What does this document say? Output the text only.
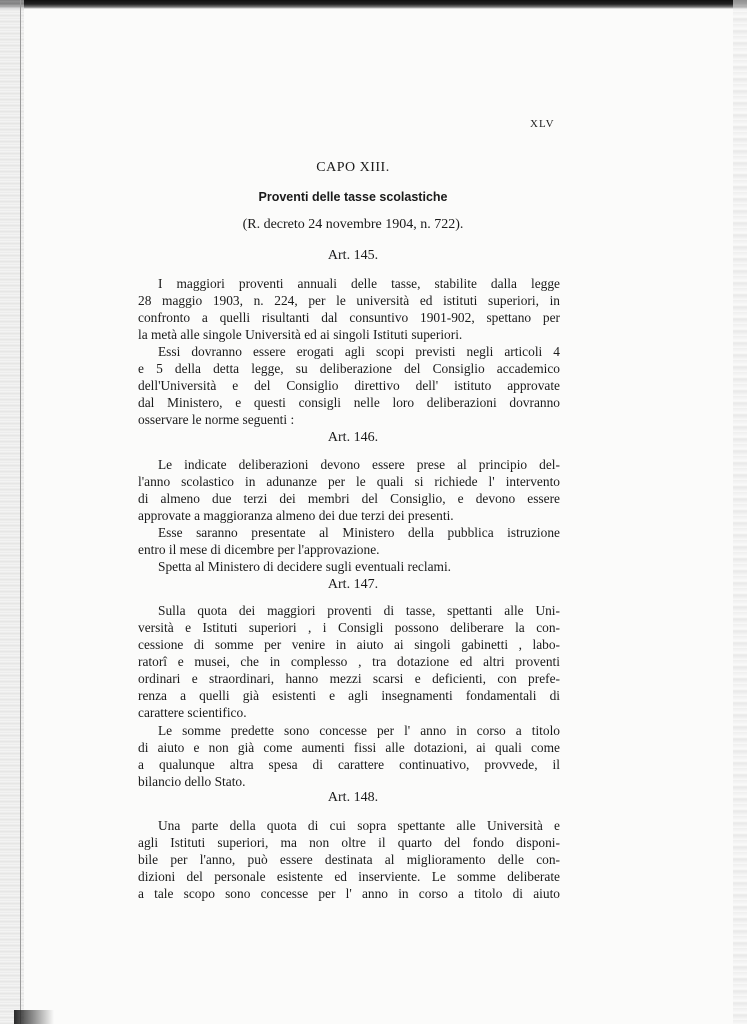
XLV
CAPO XIII.
Proventi delle tasse scolastiche
(R. decreto 24 novembre 1904, n. 722).
Art. 145.
I maggiori proventi annuali delle tasse, stabilite dalla legge
28 maggio 1903, n. 224, per le università ed istituti superiori, in
confronto a quelli risultanti dal consuntivo 1901-902, spettano per
la metà alle singole Università ed ai singoli Istituti superiori.
Essi dovranno essere erogati agli scopi previsti negli articoli 4
e 5 della detta legge, su deliberazione del Consiglio accademico
dell'Università e del Consiglio direttivo dell' istituto approvate
dal Ministero, e questi consigli nelle loro deliberazioni dovranno
osservare le norme seguenti :
Art. 146.
Le indicate deliberazioni devono essere prese al principio del-
l'anno scolastico in adunanze per le quali si richiede l' intervento
di almeno due terzi dei membri del Consiglio, e devono essere
approvate a maggioranza almeno dei due terzi dei presenti.
Esse saranno presentate al Ministero della pubblica istruzione
entro il mese di dicembre per l'approvazione.
Spetta al Ministero di decidere sugli eventuali reclami.
Art. 147.
Sulla quota dei maggiori proventi di tasse, spettanti alle Uni-
versità e Istituti superiori , i Consigli possono deliberare la con-
cessione di somme per venire in aiuto ai singoli gabinetti , labo-
ratorî e musei, che in complesso , tra dotazione ed altri proventi
ordinari e straordinari, hanno mezzi scarsi e deficienti, con prefe-
renza a quelli già esistenti e agli insegnamenti fondamentali di
carattere scientifico.
Le somme predette sono concesse per l' anno in corso a titolo
di aiuto e non già come aumenti fissi alle dotazioni, ai quali come
a qualunque altra spesa di carattere continuativo, provvede, il
bilancio dello Stato.
Art. 148.
Una parte della quota di cui sopra spettante alle Università e
agli Istituti superiori, ma non oltre il quarto del fondo disponi-
bile per l'anno, può essere destinata al miglioramento delle con-
dizioni del personale esistente ed inserviente. Le somme deliberate
a tale scopo sono concesse per l' anno in corso a titolo di aiuto
